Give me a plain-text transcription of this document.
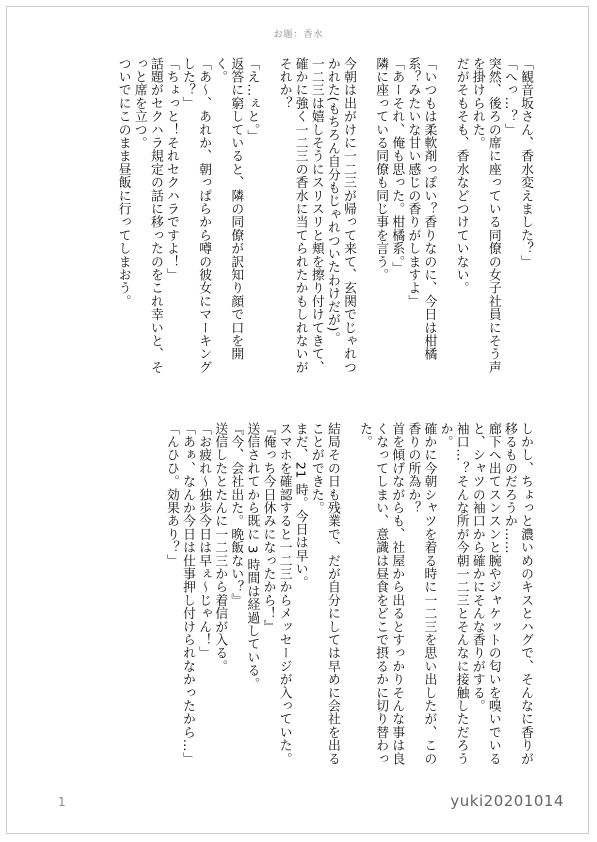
お題：香水

「観音坂さん、香水変えました？」

「へっ…？」

突然、後ろの席に座っている同僚の女子社員にそう声を掛けられた。

だがそもそも、香水などつけていない。

「いつもは柔軟剤っぽい？香りなのに、今日は柑橘系？みたいな甘い感じの香りがしますよ」

「あーそれ、俺も思った。柑橘系。」

隣に座っている同僚も同じ事を言う。

今朝は出がけに一二三が帰って来て、玄関でじゃれつかれた(もちろん自分もじゃれついたわけだが)。

一二三は嬉しそうにスリスリと頬を擦り付けてきて、確かに強く一二三の香水に当てられたかもしれないがそれか？

「え…ぇと。」

返答に窮していると、隣の同僚が訳知り顔で口を開く。

「あ～、あれか、朝っぱらから噂の彼女にマーキングした？」

「ちょっと！それセクハラですよ！」

話題がセクハラ規定の話に移ったのをこれ幸いと、そっと席を立つ。

ついでにこのまま昼飯に行ってしまおう。

しかし、ちょっと濃いめのキスとハグで、そんなに香りが移るものだろうか……

廊下へ出てスンスンと腕やジャケットの匂いを嗅いでいると、シャツの袖口から確かにそんな香りがする。

袖口…？そんな所が今朝一二三とそんなに接触しただろうか。

確かに今朝シャツを着る時に一二三を思い出したが、この香りの所為か？

首を傾げながらも、社屋から出るとすっかりそんな事は良くなってしまい、意識は昼食をどこで摂るかに切り替わった。

結局その日も残業で、だが自分にしては早めに会社を出ることができた。

まだ、21 時。今日は早い。

スマホを確認すると一二三からメッセージが入っていた。

『俺っち今日休みになったから！』

送信されてから既に 3 時間は経過している。

『今、会社出た。晩飯ない？』

送信したとたんに一二三から着信が入る。

「お疲れ～独歩今日は早ぇ～じゃん！」

「あぁ、なんか今日は仕事押し付けられなかったから…」

「んひひ。効果あり？」

1	yuki20201014
